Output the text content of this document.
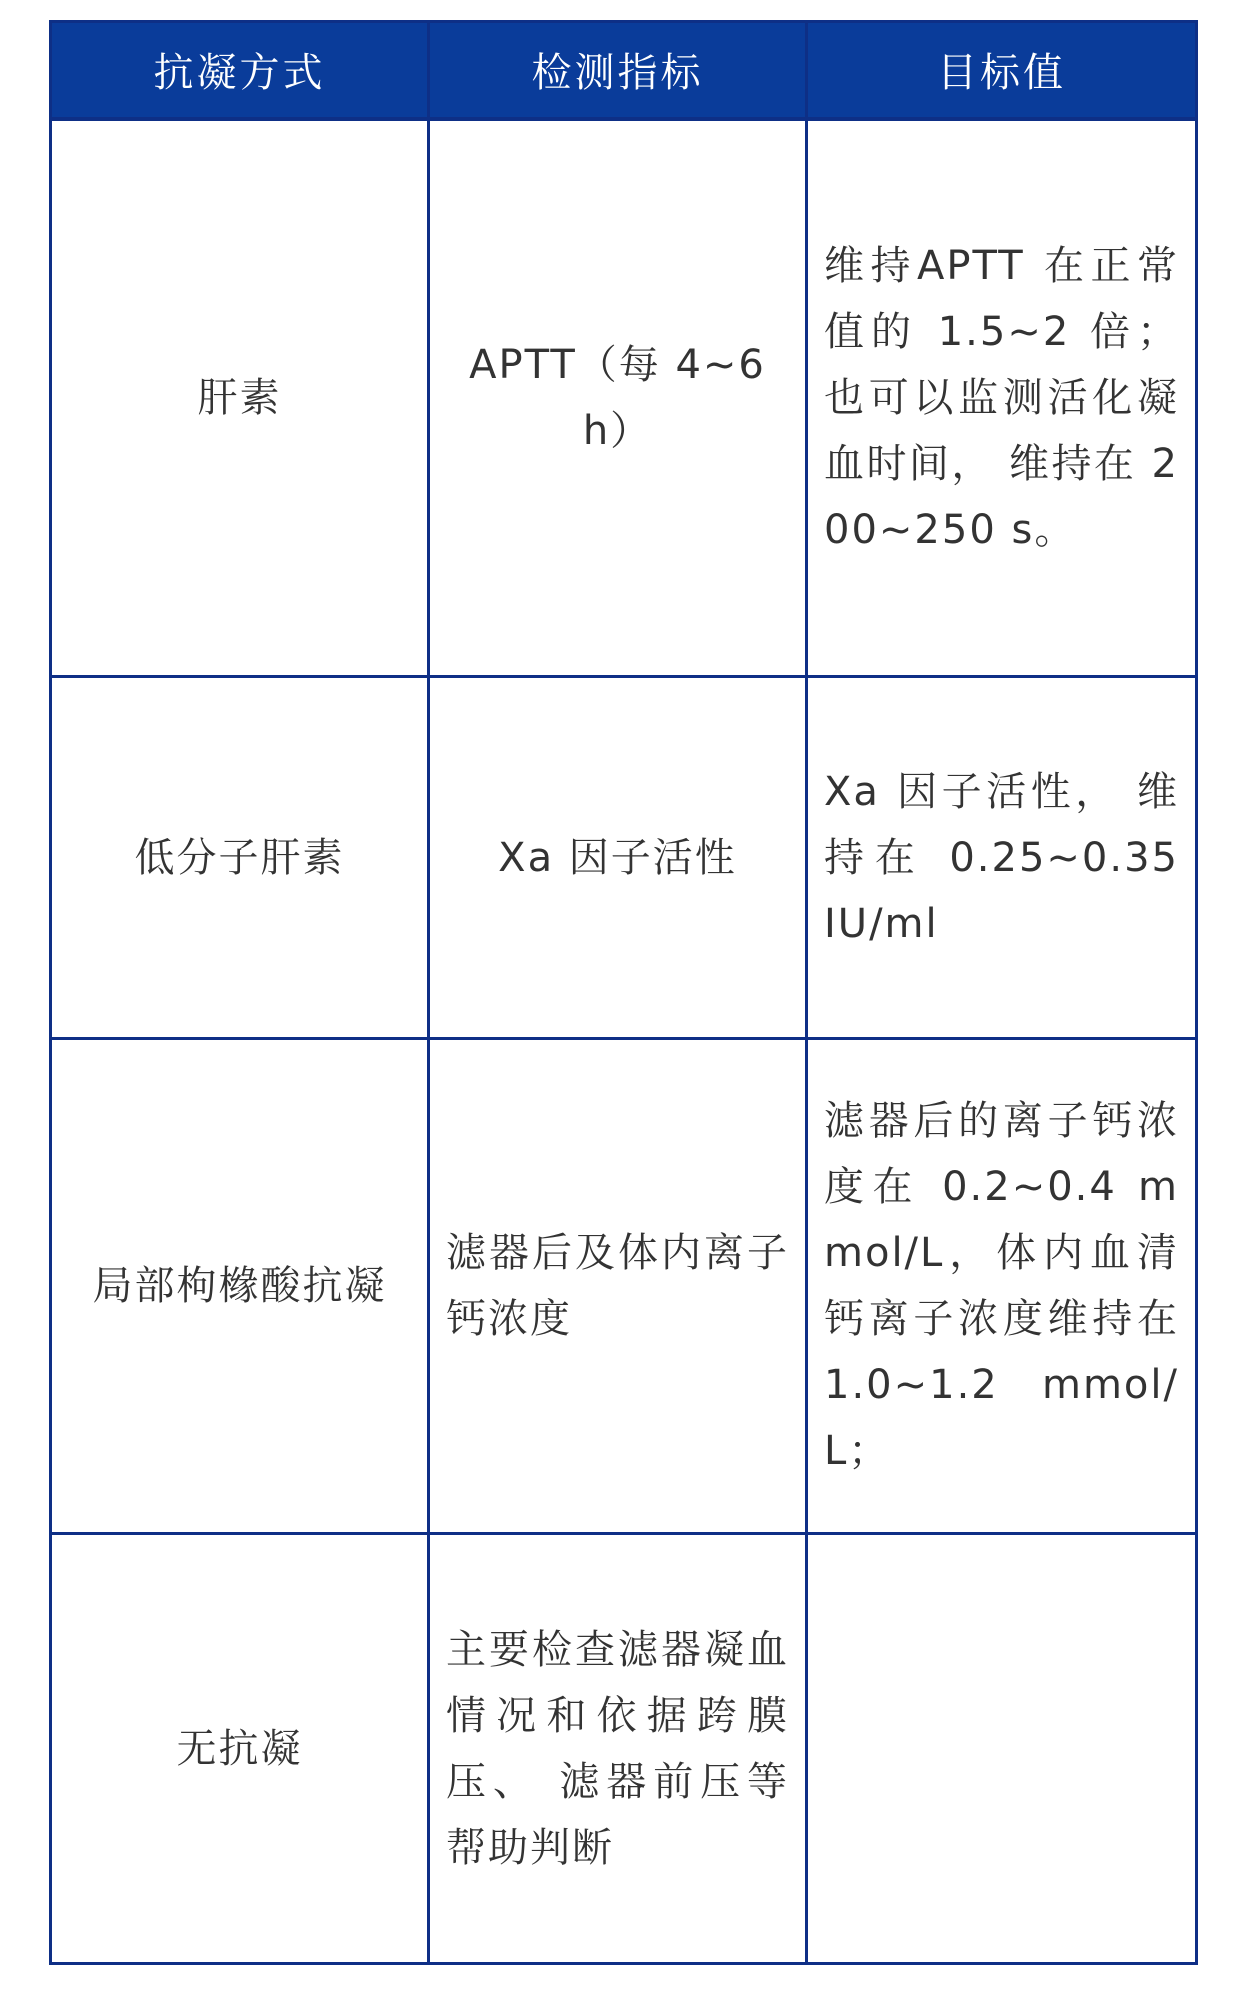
抗凝方式	检测指标	目标值
肝素	APTT（每 4~6 h）	维持APTT 在正常值的 1.5~2 倍；也可以监测活化凝血时间， 维持在 200~250 s。
低分子肝素	Xa 因子活性	Xa 因子活性， 维持在 0.25~0.35 IU/ml
局部枸橼酸抗凝	滤器后及体内离子钙浓度	滤器后的离子钙浓度在 0.2~0.4 mmol/L，体内血清钙离子浓度维持在 1.0~1.2 mmol/L；
无抗凝	主要检查滤器凝血情况和依据跨膜压、 滤器前压等帮助判断	
